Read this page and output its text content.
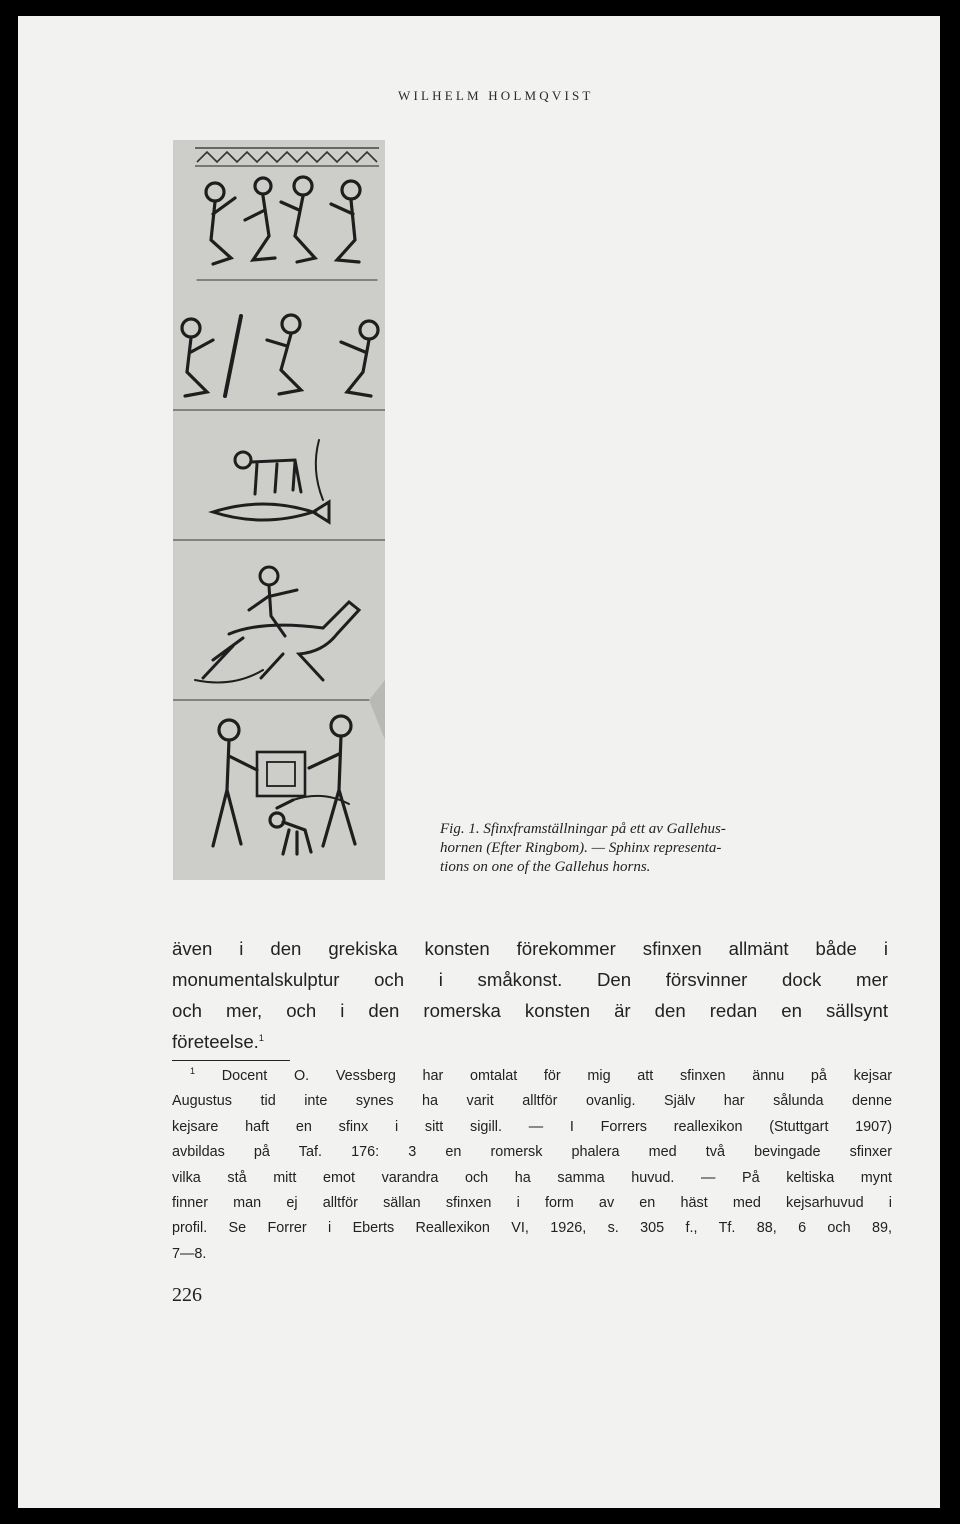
WILHELM HOLMQVIST
Fig. 1. Sfinxframställningar på ett av Gallehus-
hornen (Efter Ringbom). — Sphinx representa-
tions on one of the Gallehus horns.
även i den grekiska konsten förekommer sfinxen allmänt både i
monumentalskulptur och i småkonst. Den försvinner dock mer
och mer, och i den romerska konsten är den redan en sällsynt
företeelse.$^1$
$^1$ Docent O. Vessberg har omtalat för mig att sfinxen ännu på kejsar
Augustus tid inte synes ha varit alltför ovanlig. Själv har sålunda denne
kejsare haft en sfinx i sitt sigill. — I Forrers reallexikon (Stuttgart 1907)
avbildas på Taf. 176: 3 en romersk phalera med två bevingade sfinxer
vilka stå mitt emot varandra och ha samma huvud. — På keltiska mynt
finner man ej alltför sällan sfinxen i form av en häst med kejsarhuvud i
profil. Se Forrer i Eberts Reallexikon VI, 1926, s. 305 f., Tf. 88, 6 och 89,
7—8.
226
